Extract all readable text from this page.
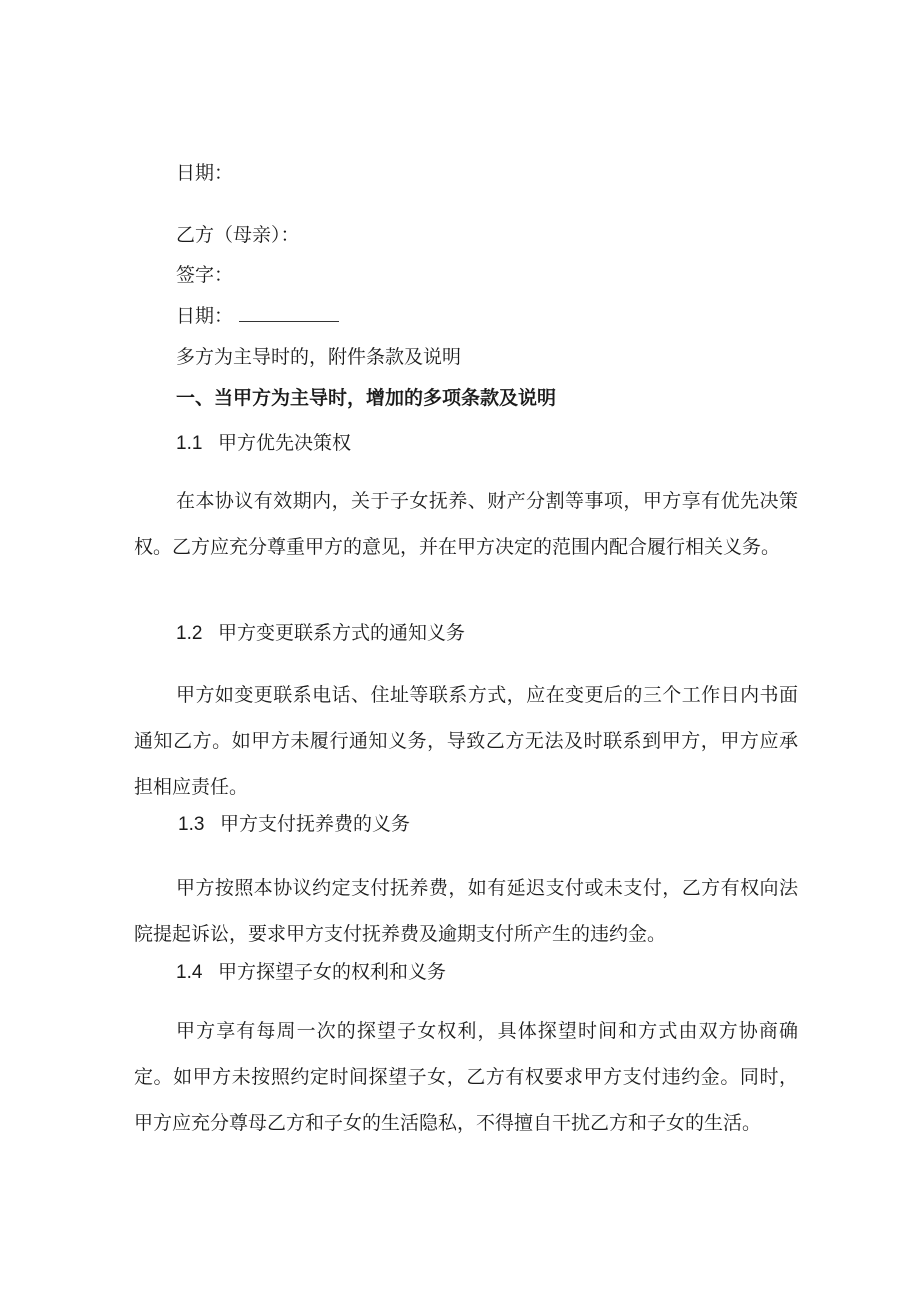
日期：
乙方（母亲）：
签字：
日期：
多方为主导时的，附件条款及说明
一、当甲方为主导时，增加的多项条款及说明
1.1 甲方优先决策权
在本协议有效期内，关于子女抚养、财产分割等事项，甲方享有优先决策权。乙方应充分尊重甲方的意见，并在甲方决定的范围内配合履行相关义务。
1.2 甲方变更联系方式的通知义务
甲方如变更联系电话、住址等联系方式，应在变更后的三个工作日内书面通知乙方。如甲方未履行通知义务，导致乙方无法及时联系到甲方，甲方应承担相应责任。
1.3 甲方支付抚养费的义务
甲方按照本协议约定支付抚养费，如有延迟支付或未支付，乙方有权向法院提起诉讼，要求甲方支付抚养费及逾期支付所产生的违约金。
1.4 甲方探望子女的权利和义务
甲方享有每周一次的探望子女权利，具体探望时间和方式由双方协商确定。如甲方未按照约定时间探望子女，乙方有权要求甲方支付违约金。同时，甲方应充分尊母乙方和子女的生活隐私，不得擅自干扰乙方和子女的生活。
